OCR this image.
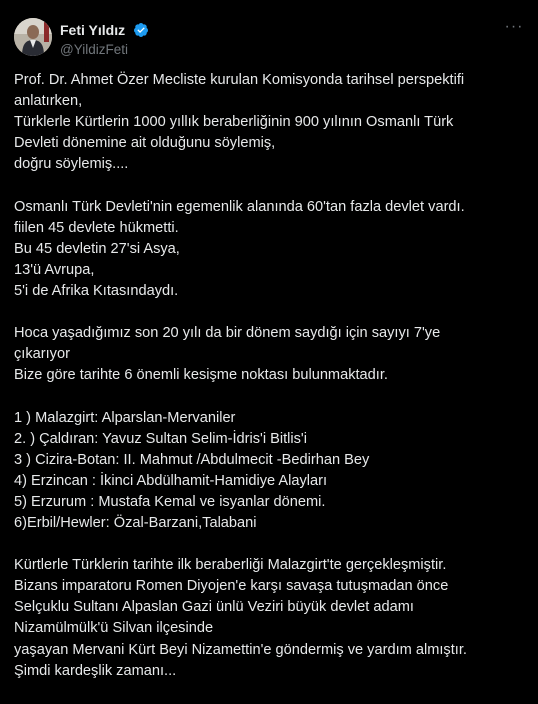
Feti Yıldız
@YildizFeti
···
Prof. Dr. Ahmet Özer Mecliste kurulan Komisyonda tarihsel perspektifi
anlatırken,
Türklerle Kürtlerin 1000 yıllık beraberliğinin 900 yılının Osmanlı Türk
Devleti dönemine ait olduğunu söylemiş,
doğru söylemiş....
Osmanlı Türk Devleti'nin egemenlik alanında 60'tan fazla devlet vardı.
fiilen 45 devlete hükmetti.
Bu 45 devletin 27'si Asya,
13'ü Avrupa,
5'i de Afrika Kıtasındaydı.
Hoca yaşadığımız son 20 yılı da bir dönem saydığı için sayıyı 7'ye
çıkarıyor
Bize göre tarihte 6 önemli kesişme noktası bulunmaktadır.
1 ) Malazgirt: Alparslan-Mervaniler
2. ) Çaldıran: Yavuz Sultan Selim-İdris'i Bitlis'i
3 ) Cizira-Botan: II. Mahmut /Abdulmecit -Bedirhan Bey
4) Erzincan : İkinci Abdülhamit-Hamidiye Alayları
5) Erzurum : Mustafa Kemal ve isyanlar dönemi.
6)Erbil/Hewler: Özal-Barzani,Talabani
Kürtlerle Türklerin tarihte ilk beraberliği Malazgirt'te gerçekleşmiştir.
Bizans imparatoru Romen Diyojen'e karşı savaşa tutuşmadan önce
Selçuklu Sultanı Alpaslan Gazi ünlü Veziri büyük devlet adamı
Nizamülmülk'ü Silvan ilçesinde
yaşayan Mervani Kürt Beyi Nizamettin'e göndermiş ve yardım almıştır.
Şimdi kardeşlik zamanı...
